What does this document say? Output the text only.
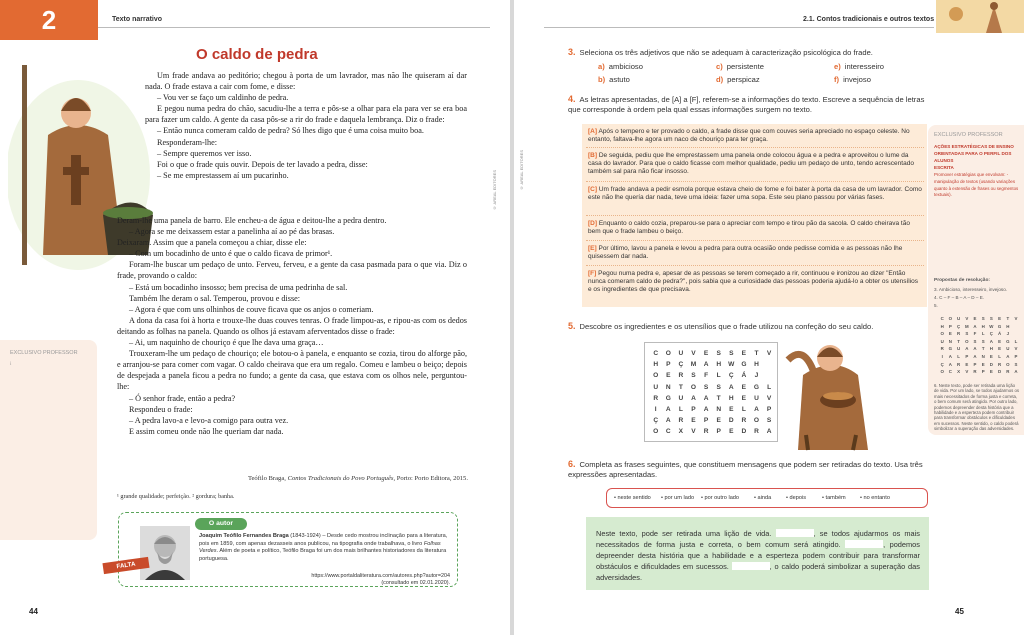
2	Texto narrativo
O caldo de pedra

Um frade andava ao peditório; chegou à porta de um lavrador, mas não lhe quiseram aí dar nada. O frade estava a cair com fome, e disse:

– Vou ver se faço um caldinho de pedra.

E pegou numa pedra do chão, sacudiu-lhe a terra e pôs-se a olhar para ela para ver se era boa para fazer um caldo. A gente da casa pôs-se a rir do frade e daquela lembrança. Diz o frade:

– Então nunca comeram caldo de pedra? Só lhes digo que é uma coisa muito boa.

Responderam-lhe:

– Sempre queremos ver isso.

Foi o que o frade quis ouvir. Depois de ter lavado a pedra, disse:

– Se me emprestassem aí um pucarinho.

Deram-lhe uma panela de barro. Ele encheu-a de água e deitou-lhe a pedra dentro.

– Agora se me deixassem estar a panelinha aí ao pé das brasas.

Deixaram. Assim que a panela começou a chiar, disse ele:

– Com um bocadinho de unto é que o caldo ficava de primor¹.

Foram-lhe buscar um pedaço de unto. Ferveu, ferveu, e a gente da casa pasmada para o que via. Diz o frade, provando o caldo:

– Está um bocadinho insosso; bem precisa de uma pedrinha de sal.

Também lhe deram o sal. Temperou, provou e disse:

– Agora é que com uns olhinhos de couve ficava que os anjos o comeriam.

A dona da casa foi à horta e trouxe-lhe duas couves tenras. O frade limpou-as, e ripou-as com os dedos deitando as folhas na panela. Quando os olhos já estavam aferventados disse o frade:

– Ai, um naquinho de chouriço é que lhe dava uma graça…

Trouxeram-lhe um pedaço de chouriço; ele botou-o à panela, e enquanto se cozia, tirou do alforge pão, e arranjou-se para comer com vagar. O caldo cheirava que era um regalo. Comeu e lambeu o beiço; depois de despejada a panela ficou a pedra no fundo; a gente da casa, que estava com os olhos nele, perguntou-lhe:

– Ó senhor frade, então a pedra?

Respondeu o frade:

– A pedra lavo-a e levo-a comigo para outra vez.

E assim comeu onde não lhe queriam dar nada.

Teófilo Braga, Contos Tradicionais do Povo Português, Porto: Porto Editora, 2015.
¹ grande qualidade; perfeição. ² gordura; banha.
EXCLUSIVO PROFESSOR
i
© AREAL EDITORES
O autor
FALTA
Joaquim Teófilo Fernandes Braga (1843-1924) – Desde cedo mostrou inclinação para a literatura, pois em 1859, com apenas dezasseis anos publicou, na tipografia onde trabalhava, o livro Folhas Verdes. Além de poeta e político, Teófilo Braga foi um dos mais brilhantes historiadores da literatura portuguesa.
https://www.portaldaliteratura.com/autores.php?autor=204
(consultado em 02.01.2020).
44
2.1. Contos tradicionais e outros textos
© AREAL EDITORES
3. Seleciona os três adjetivos que não se adequam à caracterização psicológica do frade.
a) ambicioso
b) astuto
c) persistente
d) perspicaz
e) interesseiro
f) invejoso
4. As letras apresentadas, de [A] a [F], referem-se a informações do texto. Escreve a sequência de letras que corresponde à ordem pela qual essas informações surgem no texto.
[A] Após o tempero e ter provado o caldo, a frade disse que com couves seria apreciado no espaço celeste. No entanto, faltava-lhe agora um naco de chouriço para ter graça.
[B] De seguida, pediu que lhe emprestassem uma panela onde colocou água e a pedra e aproveitou o lume da casa do lavrador. Para que o caldo ficasse com melhor qualidade, pediu um pedaço de unto, tendo acrescentado também sal para não ficar insosso.
[C] Um frade andava a pedir esmola porque estava cheio de fome e foi bater à porta da casa de um lavrador. Como este não lhe quería dar nada, teve uma ideia: fazer uma sopa. Este seu plano passou por várias fases.
[D] Enquanto o caldo cozia, preparou-se para o apreciar com tempo e tirou pão da sacola. O caldo cheirava tão bem que o frade lambeu o beiço.
[E] Por último, lavou a panela e levou a pedra para outra ocasião onde pedisse comida e as pessoas não lhe quisessem dar nada.
[F] Pegou numa pedra e, apesar de as pessoas se terem começado a rir, continuou e ironizou ao dizer "Então nunca comeram caldo de pedra?", pois sabia que a curiosidade das pessoas poderia ajudá-lo a obter os utensílios e os ingredientes de que precisava.
5. Descobre os ingredientes e os utensílios que o frade utilizou na confeção do seu caldo.
C	O	U	V	E	S	S	E	T	V
H	P	Ç	M	A	H	W	G	H
O	E	R	S	F	L	Ç	Á	J
U	N	T	O	S	S	A	E	G	L
R	G	U	A	A	T	H	E	U	V
I	A	L	P	A	N	E	L	A	P
Ç	A	R	E	P	E	D	R	O	S
O	C	X	V	R	P	E	D	R	A
6. Completa as frases seguintes, que constituem mensagens que podem ser retiradas do texto. Usa três expressões apresentadas.
• neste sentido • por um lado • por outro lado	• ainda	• depois	• também	• no entanto
Neste texto, pode ser retirada uma lição de vida.	, se todos ajudarmos os mais necessitados de forma justa e correta, o bem comum será atingido.	, podemos depreender desta história que a habilidade e a esperteza podem contribuir para transformar obstáculos e dificuldades em sucessos.	, o caldo poderá simbolizar a superação das adversidades.
EXCLUSIVO PROFESSOR
AÇÕES ESTRATÉGICAS DE ENSINO ORIENTADAS PARA O PERFIL DOS ALUNOS
ESCRITA
Promover estratégias que envolvam: - manipulação de textos (usando variações quanto à extensão de frases ou segmentos textuais).
Propostas de resolução:
3. Ambicioso, interesseiro, invejoso.
4. C – F – B – A – D – E.
5.
C	O	U	V	E	S	S	E	T	V
H	P	Ç	M	A	H	W	G	H
O	E	R	S	F	L	Ç	Á	J
U	N	T	O	S	S	A	E	G	L
R	G	U	A	A	T	H	E	U	V
I	A	L	P	A	N	E	L	A	P
Ç	A	R	E	P	E	D	R	O	S
O	C	X	V	R	P	E	D	R	A
6. Neste texto, pode ser retirada uma lição de vida. Por um lado, se todos ajudarmos os mais necessitados de forma justa e correta, o bem comum será atingido. Por outro lado, podemos depreender desta história que a habilidade e a esperteza podem contribuir para transformar obstáculos e dificuldades em sucessos. Neste sentido, o caldo poderá simbolizar a superação das adversidades.
45
